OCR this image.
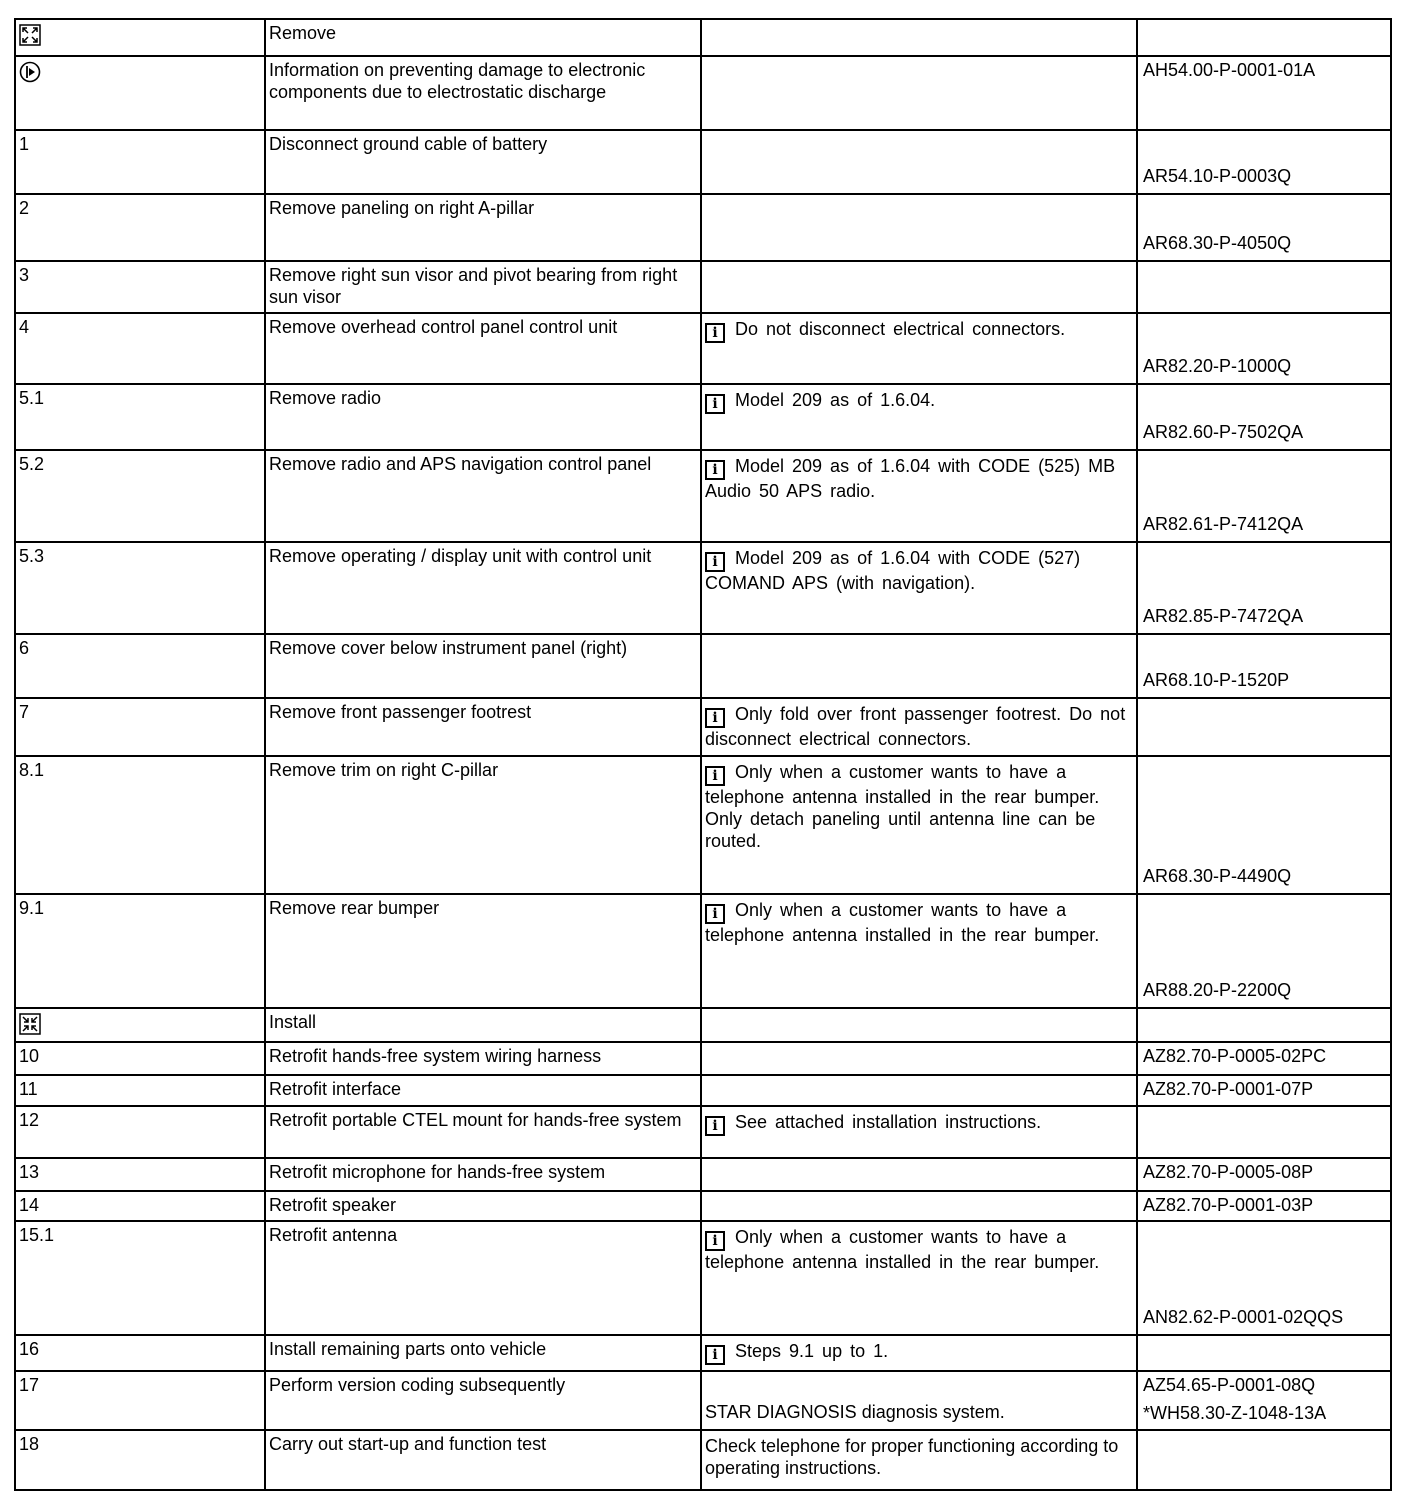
Remove		

Information on preventing damage to electronic components due to electrostatic discharge		AH54.00-P-0001-01A

1	Disconnect ground cable of battery		AR54.10-P-0003Q

2	Remove paneling on right A-pillar		AR68.30-P-4050Q

3	Remove right sun visor and pivot bearing from right sun visor		

4	Remove overhead control panel control unit	i Do not disconnect electrical connectors.	AR82.20-P-1000Q

5.1	Remove radio	i Model 209 as of 1.6.04.	AR82.60-P-7502QA

5.2	Remove radio and APS navigation control panel	i Model 209 as of 1.6.04 with CODE (525) MB Audio 50 APS radio.	AR82.61-P-7412QA

5.3	Remove operating / display unit with control unit	i Model 209 as of 1.6.04 with CODE (527) COMAND APS (with navigation).	AR82.85-P-7472QA

6	Remove cover below instrument panel (right)		AR68.10-P-1520P

7	Remove front passenger footrest	i Only fold over front passenger footrest. Do not disconnect electrical connectors.	

8.1	Remove trim on right C-pillar	i Only when a customer wants to have a telephone antenna installed in the rear bumper. Only detach paneling until antenna line can be routed.	AR68.30-P-4490Q

9.1	Remove rear bumper	i Only when a customer wants to have a telephone antenna installed in the rear bumper.	AR88.20-P-2200Q

Install		

10	Retrofit hands-free system wiring harness		AZ82.70-P-0005-02PC

11	Retrofit interface		AZ82.70-P-0001-07P

12	Retrofit portable CTEL mount for hands-free system	i See attached installation instructions.	

13	Retrofit microphone for hands-free system		AZ82.70-P-0005-08P

14	Retrofit speaker		AZ82.70-P-0001-03P

15.1	Retrofit antenna	i Only when a customer wants to have a telephone antenna installed in the rear bumper.	AN82.62-P-0001-02QQS

16	Install remaining parts onto vehicle	i Steps 9.1 up to 1.	

17	Perform version coding subsequently	STAR DIAGNOSIS diagnosis system.	AZ54.65-P-0001-08Q
*WH58.30-Z-1048-13A

18	Carry out start-up and function test	Check telephone for proper functioning according to operating instructions.	
